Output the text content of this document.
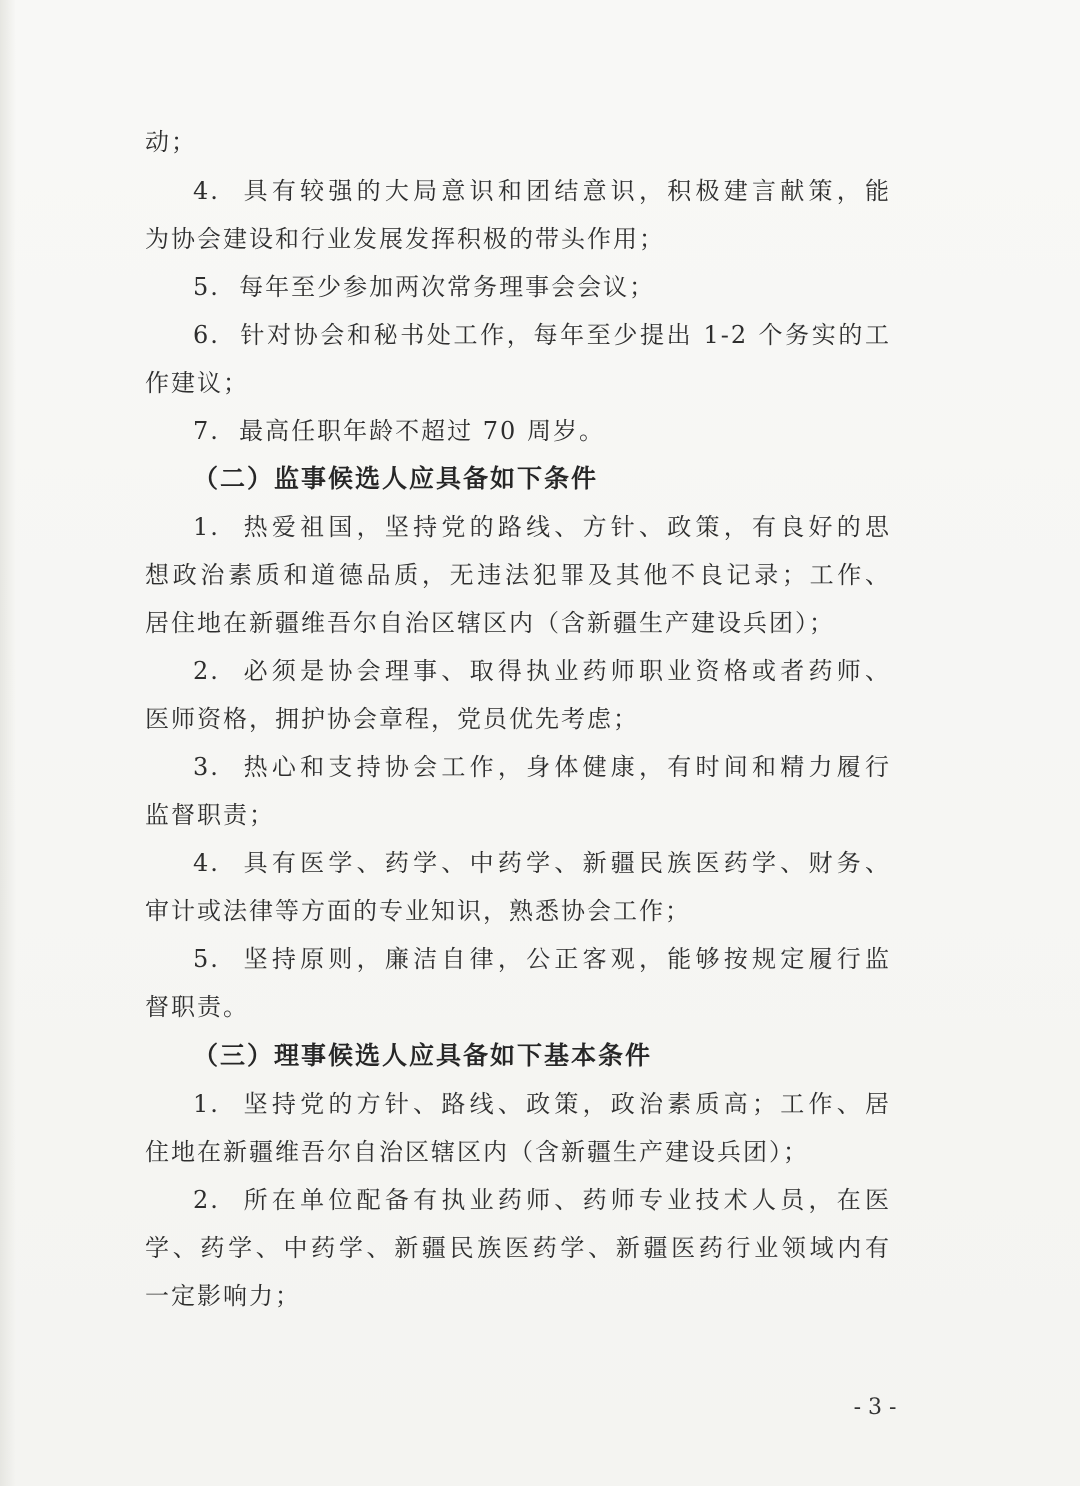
动；
4.  具有较强的大局意识和团结意识，积极建言献策，能
为协会建设和行业发展发挥积极的带头作用；
5.  每年至少参加两次常务理事会会议；
6.  针对协会和秘书处工作，每年至少提出 1-2 个务实的工
作建议；
7.  最高任职年龄不超过 70 周岁。
（二）监事候选人应具备如下条件
1.  热爱祖国，坚持党的路线、方针、政策，有良好的思
想政治素质和道德品质，无违法犯罪及其他不良记录；工作、
居住地在新疆维吾尔自治区辖区内（含新疆生产建设兵团）；
2.  必须是协会理事、取得执业药师职业资格或者药师、
医师资格，拥护协会章程，党员优先考虑；
3.  热心和支持协会工作，身体健康，有时间和精力履行
监督职责；
4.  具有医学、药学、中药学、新疆民族医药学、财务、
审计或法律等方面的专业知识，熟悉协会工作；
5.  坚持原则，廉洁自律，公正客观，能够按规定履行监
督职责。
（三）理事候选人应具备如下基本条件
1.  坚持党的方针、路线、政策，政治素质高；工作、居
住地在新疆维吾尔自治区辖区内（含新疆生产建设兵团）；
2.  所在单位配备有执业药师、药师专业技术人员，在医
学、药学、中药学、新疆民族医药学、新疆医药行业领域内有
一定影响力；
- 3 -
